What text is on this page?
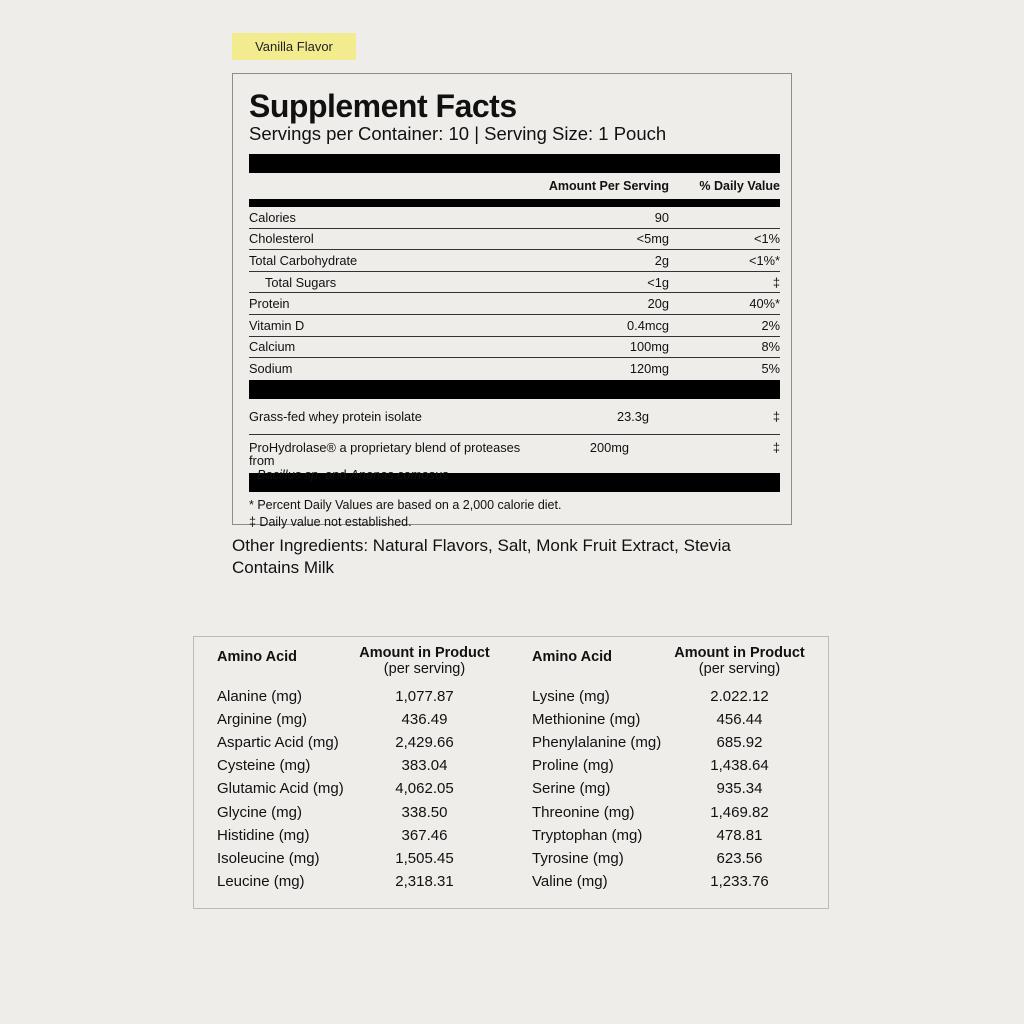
Vanilla Flavor
Supplement Facts
Servings per Container: 10 | Serving Size: 1 Pouch
Amount Per Serving	% Daily Value
Calories	90
Cholesterol	<5mg	<1%
Total Carbohydrate	2g	<1%*
Total Sugars	<1g	‡
Protein	20g	40%*
Vitamin D	0.4mcg	2%
Calcium	100mg	8%
Sodium	120mg	5%
Grass-fed whey protein isolate	23.3g	‡
ProHydrolase® a proprietary blend of proteases from
Bacillus sp. and Ananas comosus
200mg	‡
* Percent Daily Values are based on a 2,000 calorie diet.
‡ Daily value not established.
Other Ingredients: Natural Flavors, Salt, Monk Fruit Extract, Stevia
Contains Milk
Amino Acid	Amount in Product
(per serving)
Alanine (mg)	1,077.87
Arginine (mg)	436.49
Aspartic Acid (mg)	2,429.66
Cysteine (mg)	383.04
Glutamic Acid (mg)	4,062.05
Glycine (mg)	338.50
Histidine (mg)	367.46
Isoleucine (mg)	1,505.45
Leucine (mg)	2,318.31
Amino Acid	Amount in Product
(per serving)
Lysine (mg)	2.022.12
Methionine (mg)	456.44
Phenylalanine (mg)	685.92
Proline (mg)	1,438.64
Serine (mg)	935.34
Threonine (mg)	1,469.82
Tryptophan (mg)	478.81
Tyrosine (mg)	623.56
Valine (mg)	1,233.76
